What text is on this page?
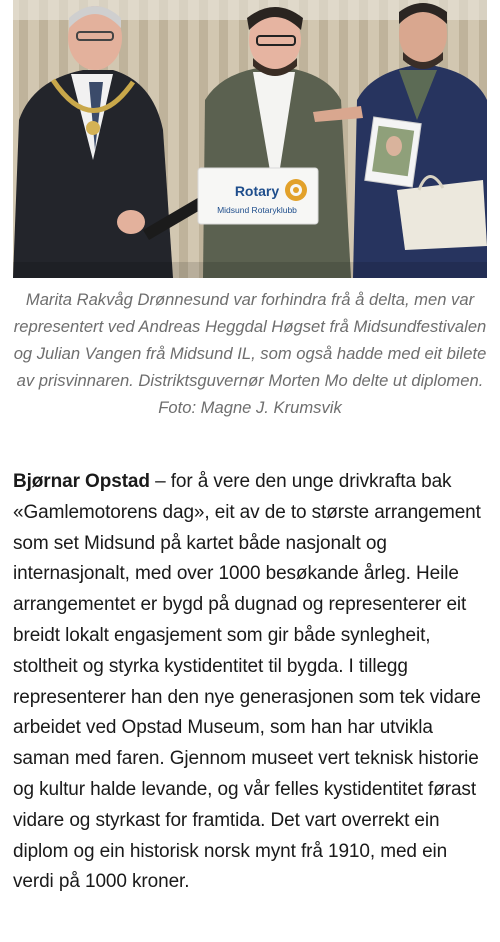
Rotary
Midsund Rotaryklubb

Marita Rakvåg Drønnesund var forhindra frå å delta, men var representert ved Andreas Heggdal Høgset frå Midsundfestivalen og Julian Vangen frå Midsund IL, som også hadde med eit bilete av prisvinnaren. Distriktsguvernør Morten Mo delte ut diplomen. Foto: Magne J. Krumsvik

Bjørnar Opstad – for å vere den unge drivkrafta bak «Gamlemotorens dag», eit av de to største arrangement som set Midsund på kartet både nasjonalt og internasjonalt, med over 1000 besøkande årleg. Heile arrangementet er bygd på dugnad og representerer eit breidt lokalt engasjement som gir både synlegheit, stoltheit og styrka kystidentitet til bygda. I tillegg representerer han den nye generasjonen som tek vidare arbeidet ved Opstad Museum, som han har utvikla saman med faren. Gjennom museet vert teknisk historie og kultur halde levande, og vår felles kystidentitet førast vidare og styrkast for framtida. Det vart overrekt ein diplom og ein historisk norsk mynt frå 1910, med ein verdi på 1000 kroner.
